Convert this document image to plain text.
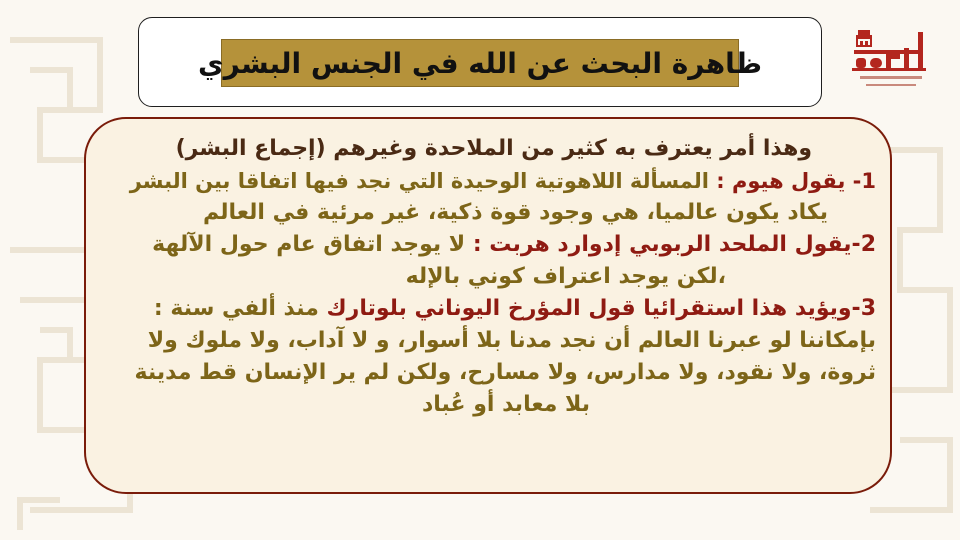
ظاهرة البحث عن الله في الجنس البشري
وهذا أمر يعترف به كثير من الملاحدة وغيرهم (إجماع البشر)
1- يقول هيوم : المسألة اللاهوتية الوحيدة التي نجد فيها اتفاقا بين البشر
يكاد يكون عالميا، هي وجود قوة ذكية، غير مرئية في العالم
2-يقول الملحد الربوبي إدوارد هربت : لا يوجد اتفاق عام حول الآلهة
،لكن يوجد اعتراف كوني بالإله
3-ويؤيد هذا استقرائيا قول المؤرخ اليوناني بلوتارك منذ ألفي سنة :
بإمكاننا لو عبرنا العالم أن نجد مدنا بلا أسوار، و لا آداب، ولا ملوك ولا
ثروة، ولا نقود، ولا مدارس، ولا مسارح، ولكن لم ير الإنسان قط مدينة
بلا معابد أو عُباد
